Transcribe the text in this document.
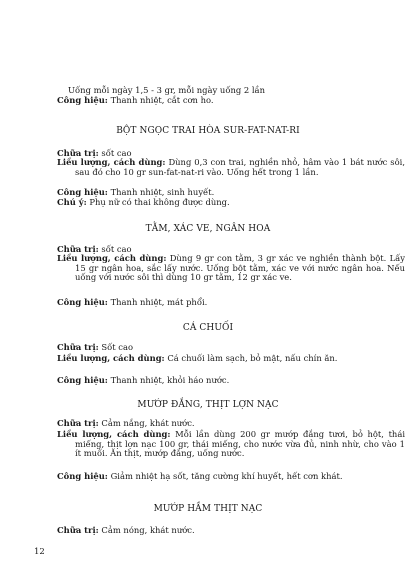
Uống mỗi ngày 1,5 - 3 gr, mỗi ngày uống 2 lần
Công hiệu: Thanh nhiệt, cắt cơn ho.
BỘT NGỌC TRAI HÒA SUR-FAT-NAT-RI
Chữa trị: sốt cao
Liều lượng, cách dùng: Dùng 0,3 con trai, nghiền nhỏ, hâm vào 1 bát nước sôi, sau đó cho 10 gr sun-fat-nat-ri vào. Uống hết trong 1 lần.
Công hiệu: Thanh nhiệt, sinh huyết.
Chú ý: Phụ nữ có thai không được dùng.
TẰM, XÁC VE, NGÂN HOA
Chữa trị: sốt cao
Liều lượng, cách dùng: Dùng 9 gr con tằm, 3 gr xác ve nghiền thành bột. Lấy 15 gr ngân hoa, sắc lấy nước. Uống bột tằm, xác ve với nước ngân hoa. Nếu uống với nước sôi thì dùng 10 gr tằm, 12 gr xác ve.
Công hiệu: Thanh nhiệt, mát phổi.
CÁ CHUỐI
Chữa trị: Sốt cao
Liều lượng, cách dùng: Cá chuối làm sạch, bỏ mật, nấu chín ăn.
Công hiệu: Thanh nhiệt, khỏi háo nước.
MƯỚP ĐẮNG, THỊT LỢN NẠC
Chữa trị: Cảm nắng, khát nước.
Liều lượng, cách dùng: Mỗi lần dùng 200 gr mướp đắng tươi, bỏ hột, thái miếng, thịt lợn nạc 100 gr, thái miếng, cho nước vừa đủ, ninh nhừ, cho vào 1 ít muối. Ăn thịt, mướp đắng, uống nước.
Công hiệu: Giảm nhiệt hạ sốt, tăng cường khí huyết, hết cơn khát.
MƯỚP HẦM THỊT NẠC
Chữa trị: Cảm nóng, khát nước.
12
